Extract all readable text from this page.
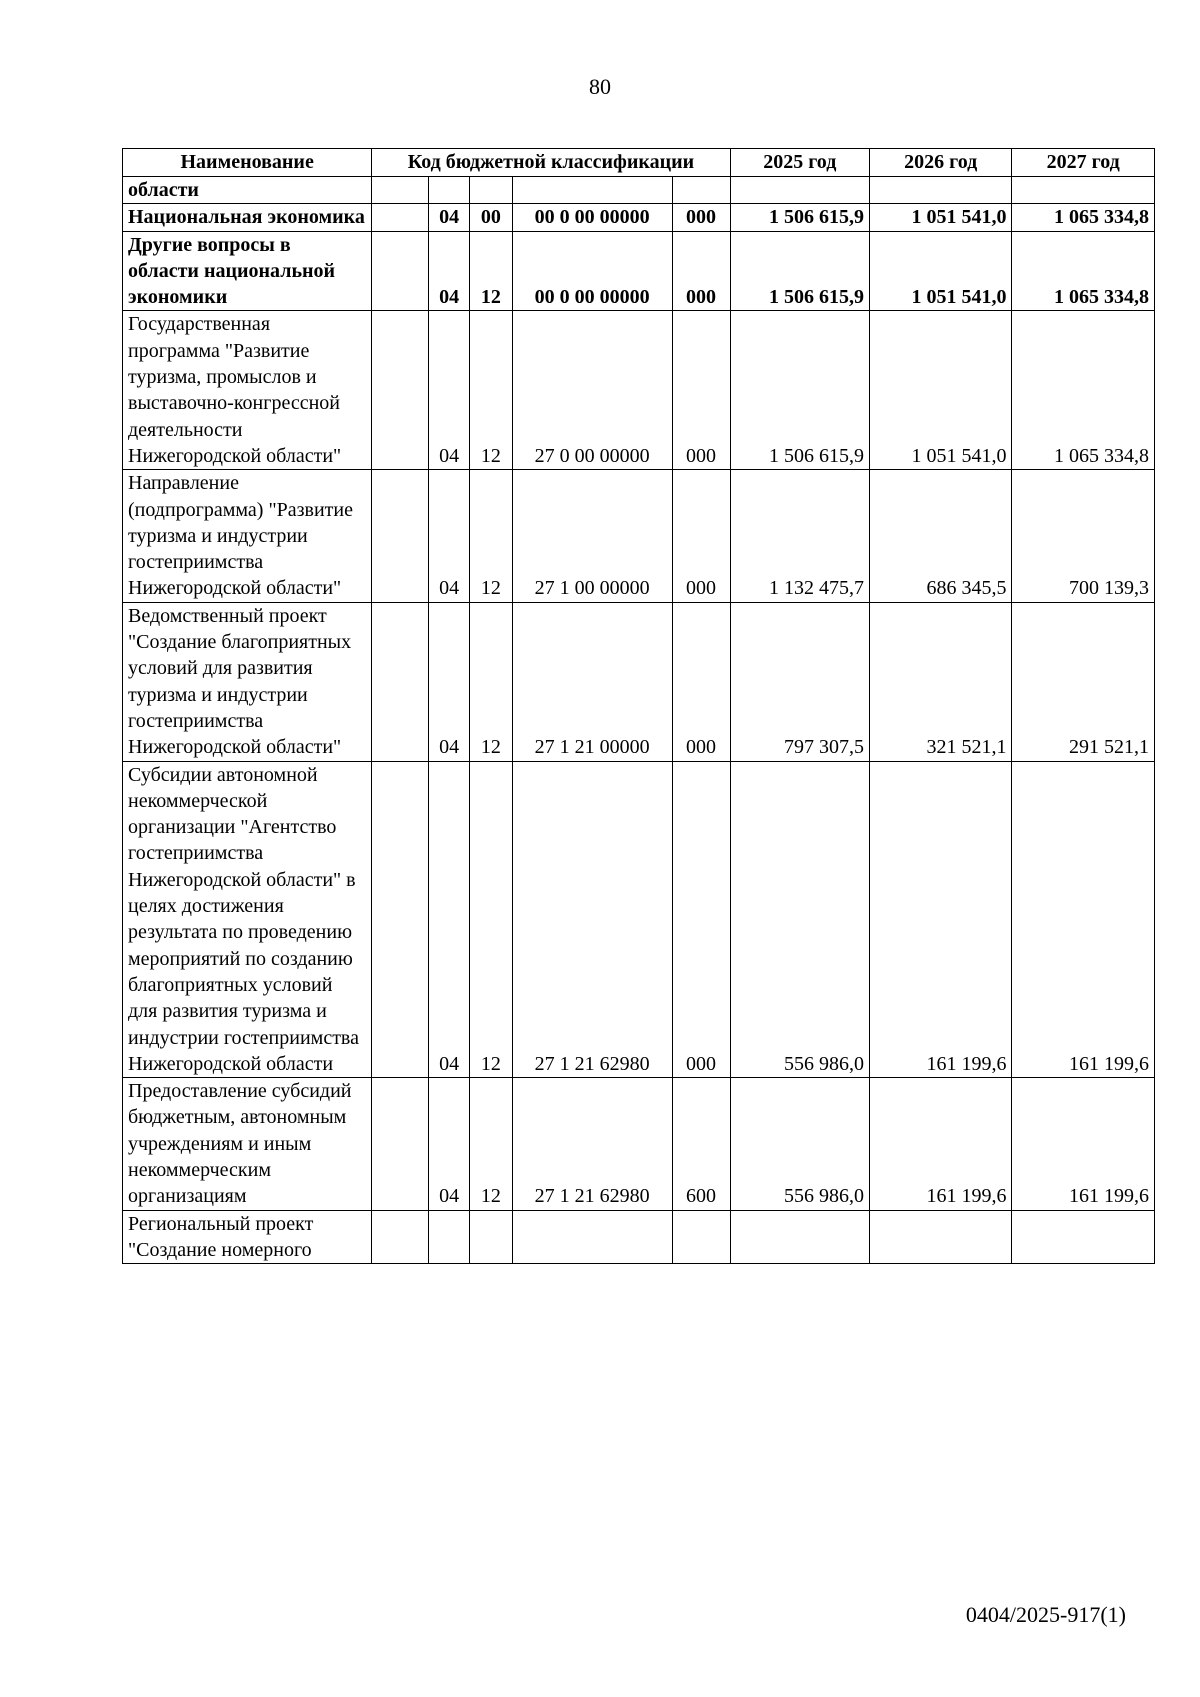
80
Наименование	Код бюджетной классификации					2025 год	2026 год	2027 год
области								
Национальная экономика		04	00	00 0 00 00000	000	1 506 615,9	1 051 541,0	1 065 334,8
Другие вопросы в области национальной экономики		04	12	00 0 00 00000	000	1 506 615,9	1 051 541,0	1 065 334,8
Государственная программа "Развитие туризма, промыслов и выставочно-конгрессной деятельности Нижегородской области"		04	12	27 0 00 00000	000	1 506 615,9	1 051 541,0	1 065 334,8
Направление (подпрограмма) "Развитие туризма и индустрии гостеприимства Нижегородской области"		04	12	27 1 00 00000	000	1 132 475,7	686 345,5	700 139,3
Ведомственный проект "Создание благоприятных условий для развития туризма и индустрии гостеприимства Нижегородской области"		04	12	27 1 21 00000	000	797 307,5	321 521,1	291 521,1
Субсидии автономной некоммерческой организации "Агентство гостеприимства Нижегородской области" в целях достижения результата по проведению мероприятий по созданию благоприятных условий для развития туризма и индустрии гостеприимства Нижегородской области		04	12	27 1 21 62980	000	556 986,0	161 199,6	161 199,6
Предоставление субсидий бюджетным, автономным учреждениям и иным некоммерческим организациям		04	12	27 1 21 62980	600	556 986,0	161 199,6	161 199,6
Региональный проект "Создание номерного								
0404/2025-917(1)
